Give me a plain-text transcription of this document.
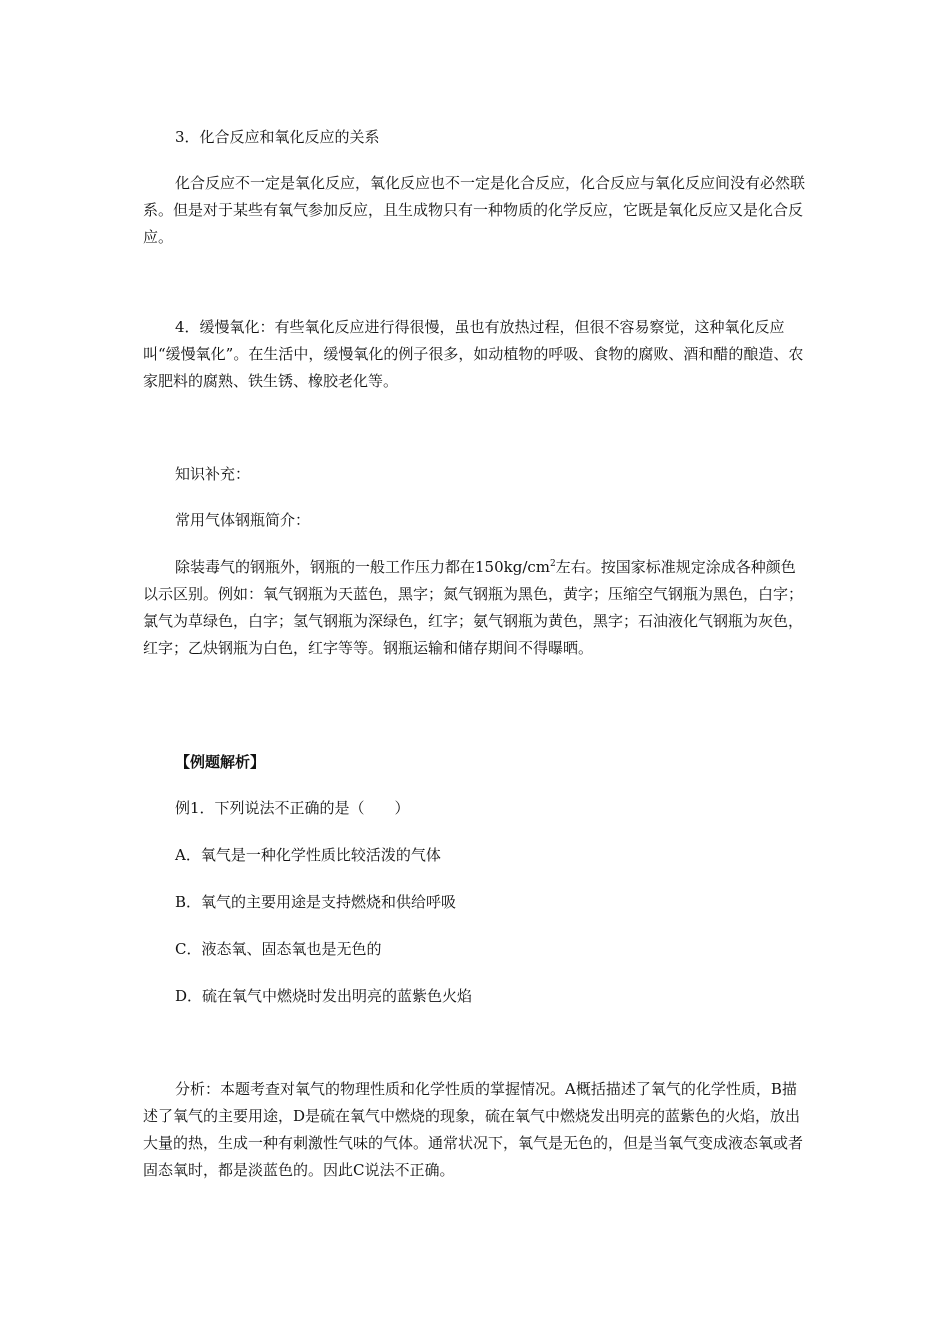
3．化合反应和氧化反应的关系

化合反应不一定是氧化反应，氧化反应也不一定是化合反应，化合反应与氧化反应间没有必然联系。但是对于某些有氧气参加反应，且生成物只有一种物质的化学反应，它既是氧化反应又是化合反应。

4．缓慢氧化：有些氧化反应进行得很慢，虽也有放热过程，但很不容易察觉，这种氧化反应叫“缓慢氧化”。在生活中，缓慢氧化的例子很多，如动植物的呼吸、食物的腐败、酒和醋的酿造、农家肥料的腐熟、铁生锈、橡胶老化等。

知识补充：

常用气体钢瓶简介：

除装毒气的钢瓶外，钢瓶的一般工作压力都在$150kg/cm^2$左右。按国家标准规定涂成各种颜色以示区别。例如：氧气钢瓶为天蓝色，黑字；氮气钢瓶为黑色，黄字；压缩空气钢瓶为黑色，白字；氯气为草绿色，白字；氢气钢瓶为深绿色，红字；氨气钢瓶为黄色，黑字；石油液化气钢瓶为灰色，红字；乙炔钢瓶为白色，红字等等。钢瓶运输和储存期间不得曝晒。

【例题解析】

例1．下列说法不正确的是（　　）

A．氧气是一种化学性质比较活泼的气体

B．氧气的主要用途是支持燃烧和供给呼吸

C．液态氧、固态氧也是无色的

D．硫在氧气中燃烧时发出明亮的蓝紫色火焰

分析：本题考查对氧气的物理性质和化学性质的掌握情况。A概括描述了氧气的化学性质，B描述了氧气的主要用途，D是硫在氧气中燃烧的现象，硫在氧气中燃烧发出明亮的蓝紫色的火焰，放出大量的热，生成一种有刺激性气味的气体。通常状况下，氧气是无色的，但是当氧气变成液态氧或者固态氧时，都是淡蓝色的。因此C说法不正确。
